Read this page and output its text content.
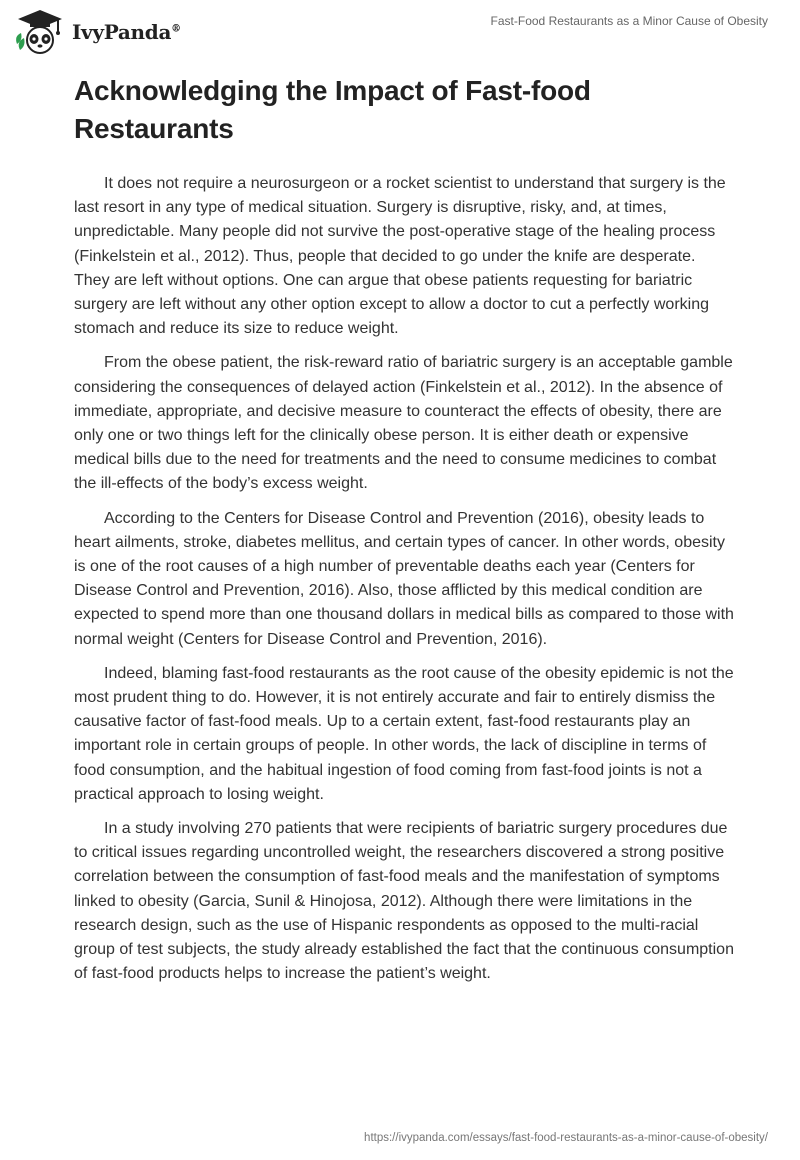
IvyPanda®
Fast-Food Restaurants as a Minor Cause of Obesity
Acknowledging the Impact of Fast-food Restaurants

It does not require a neurosurgeon or a rocket scientist to understand that surgery is the last resort in any type of medical situation. Surgery is disruptive, risky, and, at times, unpredictable. Many people did not survive the post-operative stage of the healing process (Finkelstein et al., 2012). Thus, people that decided to go under the knife are desperate. They are left without options. One can argue that obese patients requesting for bariatric surgery are left without any other option except to allow a doctor to cut a perfectly working stomach and reduce its size to reduce weight.

From the obese patient, the risk-reward ratio of bariatric surgery is an acceptable gamble considering the consequences of delayed action (Finkelstein et al., 2012). In the absence of immediate, appropriate, and decisive measure to counteract the effects of obesity, there are only one or two things left for the clinically obese person. It is either death or expensive medical bills due to the need for treatments and the need to consume medicines to combat the ill-effects of the body’s excess weight.

According to the Centers for Disease Control and Prevention (2016), obesity leads to heart ailments, stroke, diabetes mellitus, and certain types of cancer. In other words, obesity is one of the root causes of a high number of preventable deaths each year (Centers for Disease Control and Prevention, 2016). Also, those afflicted by this medical condition are expected to spend more than one thousand dollars in medical bills as compared to those with normal weight (Centers for Disease Control and Prevention, 2016).

Indeed, blaming fast-food restaurants as the root cause of the obesity epidemic is not the most prudent thing to do. However, it is not entirely accurate and fair to entirely dismiss the causative factor of fast-food meals. Up to a certain extent, fast-food restaurants play an important role in certain groups of people. In other words, the lack of discipline in terms of food consumption, and the habitual ingestion of food coming from fast-food joints is not a practical approach to losing weight.

In a study involving 270 patients that were recipients of bariatric surgery procedures due to critical issues regarding uncontrolled weight, the researchers discovered a strong positive correlation between the consumption of fast-food meals and the manifestation of symptoms linked to obesity (Garcia, Sunil & Hinojosa, 2012). Although there were limitations in the research design, such as the use of Hispanic respondents as opposed to the multi-racial group of test subjects, the study already established the fact that the continuous consumption of fast-food products helps to increase the patient’s weight.

https://ivypanda.com/essays/fast-food-restaurants-as-a-minor-cause-of-obesity/
